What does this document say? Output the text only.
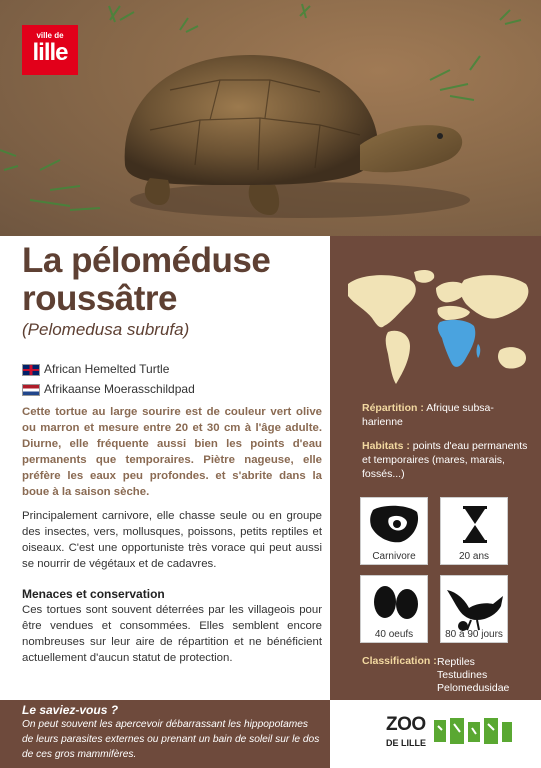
ville de
lille
La péloméduse
roussâtre
(Pelomedusa subrufa)
African Hemelted Turtle
Afrikaanse Moerasschildpad
Cette tortue au large sourire est de couleur vert olive ou marron et mesure entre 20 et 30 cm à l'âge adulte. Diurne, elle fréquente aussi bien les points d'eau permanents que temporaires. Piètre nageuse, elle préfère les eaux peu profondes. et s'abrite dans la boue à la saison sèche.
Principalement carnivore, elle chasse seule ou en groupe des insectes, vers, mollusques, poissons, petits reptiles et oiseaux. C'est une opportuniste très vorace qui peut aussi se nourrir de végétaux et de cadavres.
Menaces et conservation
Ces tortues sont souvent déterrées par les villageois pour être vendues et consommées. Elles semblent encore nombreuses sur leur aire de répartition et ne bénéficient actuellement d'aucun statut de protection.
Répartition : Afrique subsa-harienne
Habitats : points d'eau permanents et temporaires (mares, marais, fossés...)
Carnivore	20 ans
40 oeufs	80 à 90 jours
Classification : Reptiles
Testudines
Pelomedusidae
Le saviez-vous ?
On peut souvent les apercevoir débarrassant les hippopotames de leurs parasites externes ou prenant un bain de soleil sur le dos de ces gros mammifères.
ZOO
DE LILLE
